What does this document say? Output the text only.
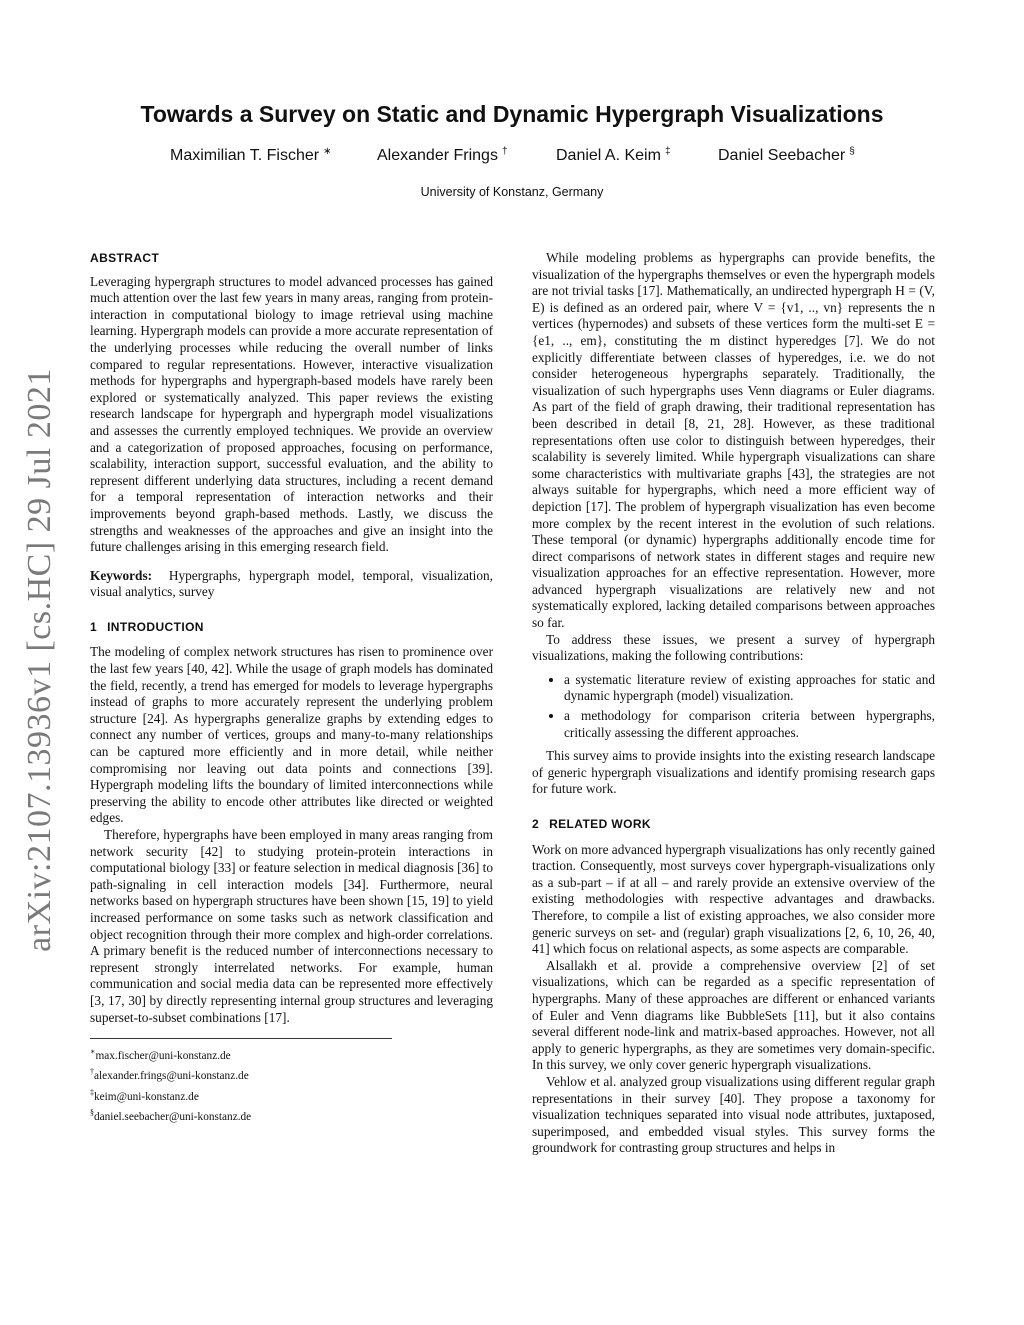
arXiv:2107.13936v1 [cs.HC] 29 Jul 2021
Towards a Survey on Static and Dynamic Hypergraph Visualizations
Maximilian T. Fischer ∗	Alexander Frings †	Daniel A. Keim ‡	Daniel Seebacher §
University of Konstanz, Germany
ABSTRACT

Leveraging hypergraph structures to model advanced processes has gained much attention over the last few years in many areas, ranging from protein-interaction in computational biology to image retrieval using machine learning. Hypergraph models can provide a more accurate representation of the underlying processes while reducing the overall number of links compared to regular representations. However, interactive visualization methods for hypergraphs and hypergraph-based models have rarely been explored or systematically analyzed. This paper reviews the existing research landscape for hypergraph and hypergraph model visualizations and assesses the currently employed techniques. We provide an overview and a categorization of proposed approaches, focusing on performance, scalability, interaction support, successful evaluation, and the ability to represent different underlying data structures, including a recent demand for a temporal representation of interaction networks and their improvements beyond graph-based methods. Lastly, we discuss the strengths and weaknesses of the approaches and give an insight into the future challenges arising in this emerging research field.

Keywords: Hypergraphs, hypergraph model, temporal, visualization, visual analytics, survey

1 INTRODUCTION

The modeling of complex network structures has risen to prominence over the last few years [40, 42]. While the usage of graph models has dominated the field, recently, a trend has emerged for models to leverage hypergraphs instead of graphs to more accurately represent the underlying problem structure [24]. As hypergraphs generalize graphs by extending edges to connect any number of vertices, groups and many-to-many relationships can be captured more efficiently and in more detail, while neither compromising nor leaving out data points and connections [39]. Hypergraph modeling lifts the boundary of limited interconnections while preserving the ability to encode other attributes like directed or weighted edges.

Therefore, hypergraphs have been employed in many areas ranging from network security [42] to studying protein-protein interactions in computational biology [33] or feature selection in medical diagnosis [36] to path-signaling in cell interaction models [34]. Furthermore, neural networks based on hypergraph structures have been shown [15, 19] to yield increased performance on some tasks such as network classification and object recognition through their more complex and high-order correlations. A primary benefit is the reduced number of interconnections necessary to represent strongly interrelated networks. For example, human communication and social media data can be represented more effectively [3, 17, 30] by directly representing internal group structures and leveraging superset-to-subset combinations [17].

∗max.fischer@uni-konstanz.de
†alexander.frings@uni-konstanz.de
‡keim@uni-konstanz.de
§daniel.seebacher@uni-konstanz.de

While modeling problems as hypergraphs can provide benefits, the visualization of the hypergraphs themselves or even the hypergraph models are not trivial tasks [17]. Mathematically, an undirected hypergraph H = (V, E) is defined as an ordered pair, where V = {v1, .., vn} represents the n vertices (hypernodes) and subsets of these vertices form the multi-set E = {e1, .., em}, constituting the m distinct hyperedges [7]. We do not explicitly differentiate between classes of hyperedges, i.e. we do not consider heterogeneous hypergraphs separately. Traditionally, the visualization of such hypergraphs uses Venn diagrams or Euler diagrams. As part of the field of graph drawing, their traditional representation has been described in detail [8, 21, 28]. However, as these traditional representations often use color to distinguish between hyperedges, their scalability is severely limited. While hypergraph visualizations can share some characteristics with multivariate graphs [43], the strategies are not always suitable for hypergraphs, which need a more efficient way of depiction [17]. The problem of hypergraph visualization has even become more complex by the recent interest in the evolution of such relations. These temporal (or dynamic) hypergraphs additionally encode time for direct comparisons of network states in different stages and require new visualization approaches for an effective representation. However, more advanced hypergraph visualizations are relatively new and not systematically explored, lacking detailed comparisons between approaches so far.

To address these issues, we present a survey of hypergraph visualizations, making the following contributions:

• a systematic literature review of existing approaches for static and dynamic hypergraph (model) visualization.
• a methodology for comparison criteria between hypergraphs, critically assessing the different approaches.

This survey aims to provide insights into the existing research landscape of generic hypergraph visualizations and identify promising research gaps for future work.

2 RELATED WORK

Work on more advanced hypergraph visualizations has only recently gained traction. Consequently, most surveys cover hypergraph-visualizations only as a sub-part – if at all – and rarely provide an extensive overview of the existing methodologies with respective advantages and drawbacks. Therefore, to compile a list of existing approaches, we also consider more generic surveys on set- and (regular) graph visualizations [2, 6, 10, 26, 40, 41] which focus on relational aspects, as some aspects are comparable.

Alsallakh et al. provide a comprehensive overview [2] of set visualizations, which can be regarded as a specific representation of hypergraphs. Many of these approaches are different or enhanced variants of Euler and Venn diagrams like BubbleSets [11], but it also contains several different node-link and matrix-based approaches. However, not all apply to generic hypergraphs, as they are sometimes very domain-specific. In this survey, we only cover generic hypergraph visualizations.

Vehlow et al. analyzed group visualizations using different regular graph representations in their survey [40]. They propose a taxonomy for visualization techniques separated into visual node attributes, juxtaposed, superimposed, and embedded visual styles. This survey forms the groundwork for contrasting group structures and helps in
